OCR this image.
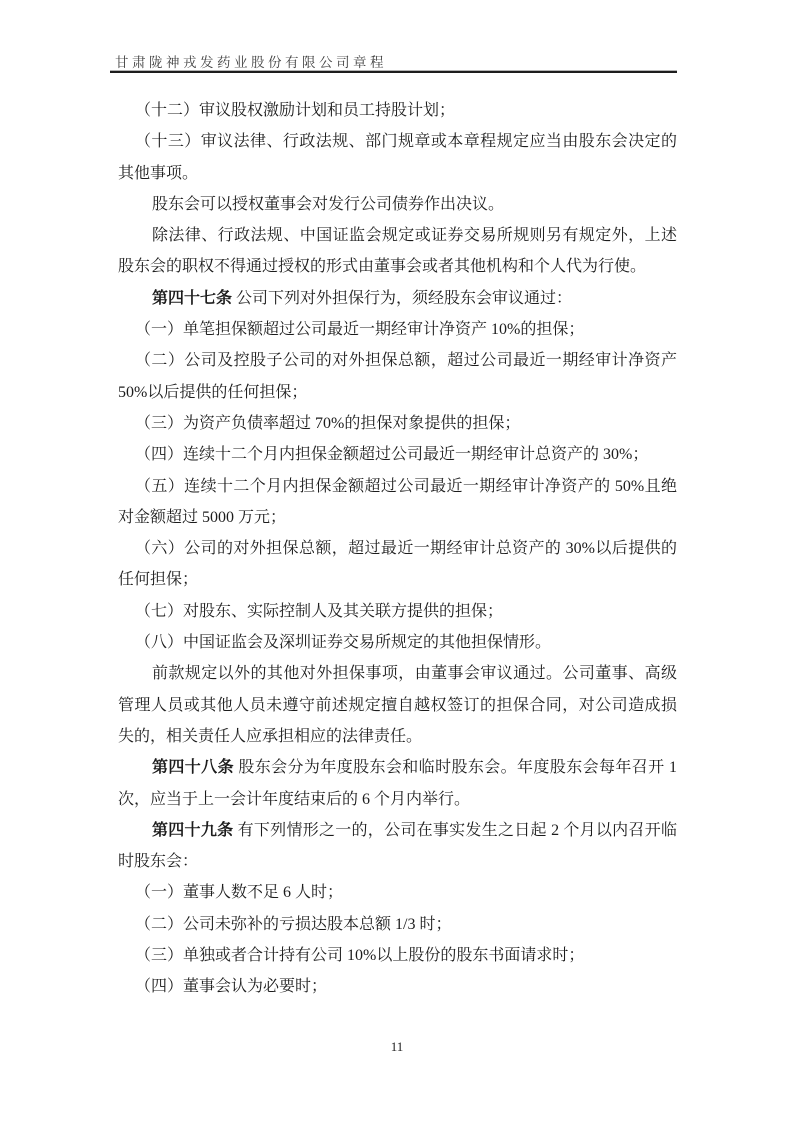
甘肃陇神戎发药业股份有限公司章程

（十二）审议股权激励计划和员工持股计划；

（十三）审议法律、行政法规、部门规章或本章程规定应当由股东会决定的其他事项。

股东会可以授权董事会对发行公司债券作出决议。

除法律、行政法规、中国证监会规定或证券交易所规则另有规定外，上述股东会的职权不得通过授权的形式由董事会或者其他机构和个人代为行使。

第四十七条 公司下列对外担保行为，须经股东会审议通过：

（一）单笔担保额超过公司最近一期经审计净资产 10%的担保；

（二）公司及控股子公司的对外担保总额，超过公司最近一期经审计净资产 50%以后提供的任何担保；

（三）为资产负债率超过 70%的担保对象提供的担保；

（四）连续十二个月内担保金额超过公司最近一期经审计总资产的 30%；

（五）连续十二个月内担保金额超过公司最近一期经审计净资产的 50%且绝对金额超过 5000 万元；

（六）公司的对外担保总额，超过最近一期经审计总资产的 30%以后提供的任何担保；

（七）对股东、实际控制人及其关联方提供的担保；

（八）中国证监会及深圳证券交易所规定的其他担保情形。

前款规定以外的其他对外担保事项，由董事会审议通过。公司董事、高级管理人员或其他人员未遵守前述规定擅自越权签订的担保合同，对公司造成损失的，相关责任人应承担相应的法律责任。

第四十八条 股东会分为年度股东会和临时股东会。年度股东会每年召开 1 次，应当于上一会计年度结束后的 6 个月内举行。

第四十九条 有下列情形之一的，公司在事实发生之日起 2 个月以内召开临时股东会：

（一）董事人数不足 6 人时；

（二）公司未弥补的亏损达股本总额 1/3 时；

（三）单独或者合计持有公司 10%以上股份的股东书面请求时；

（四）董事会认为必要时；

11
